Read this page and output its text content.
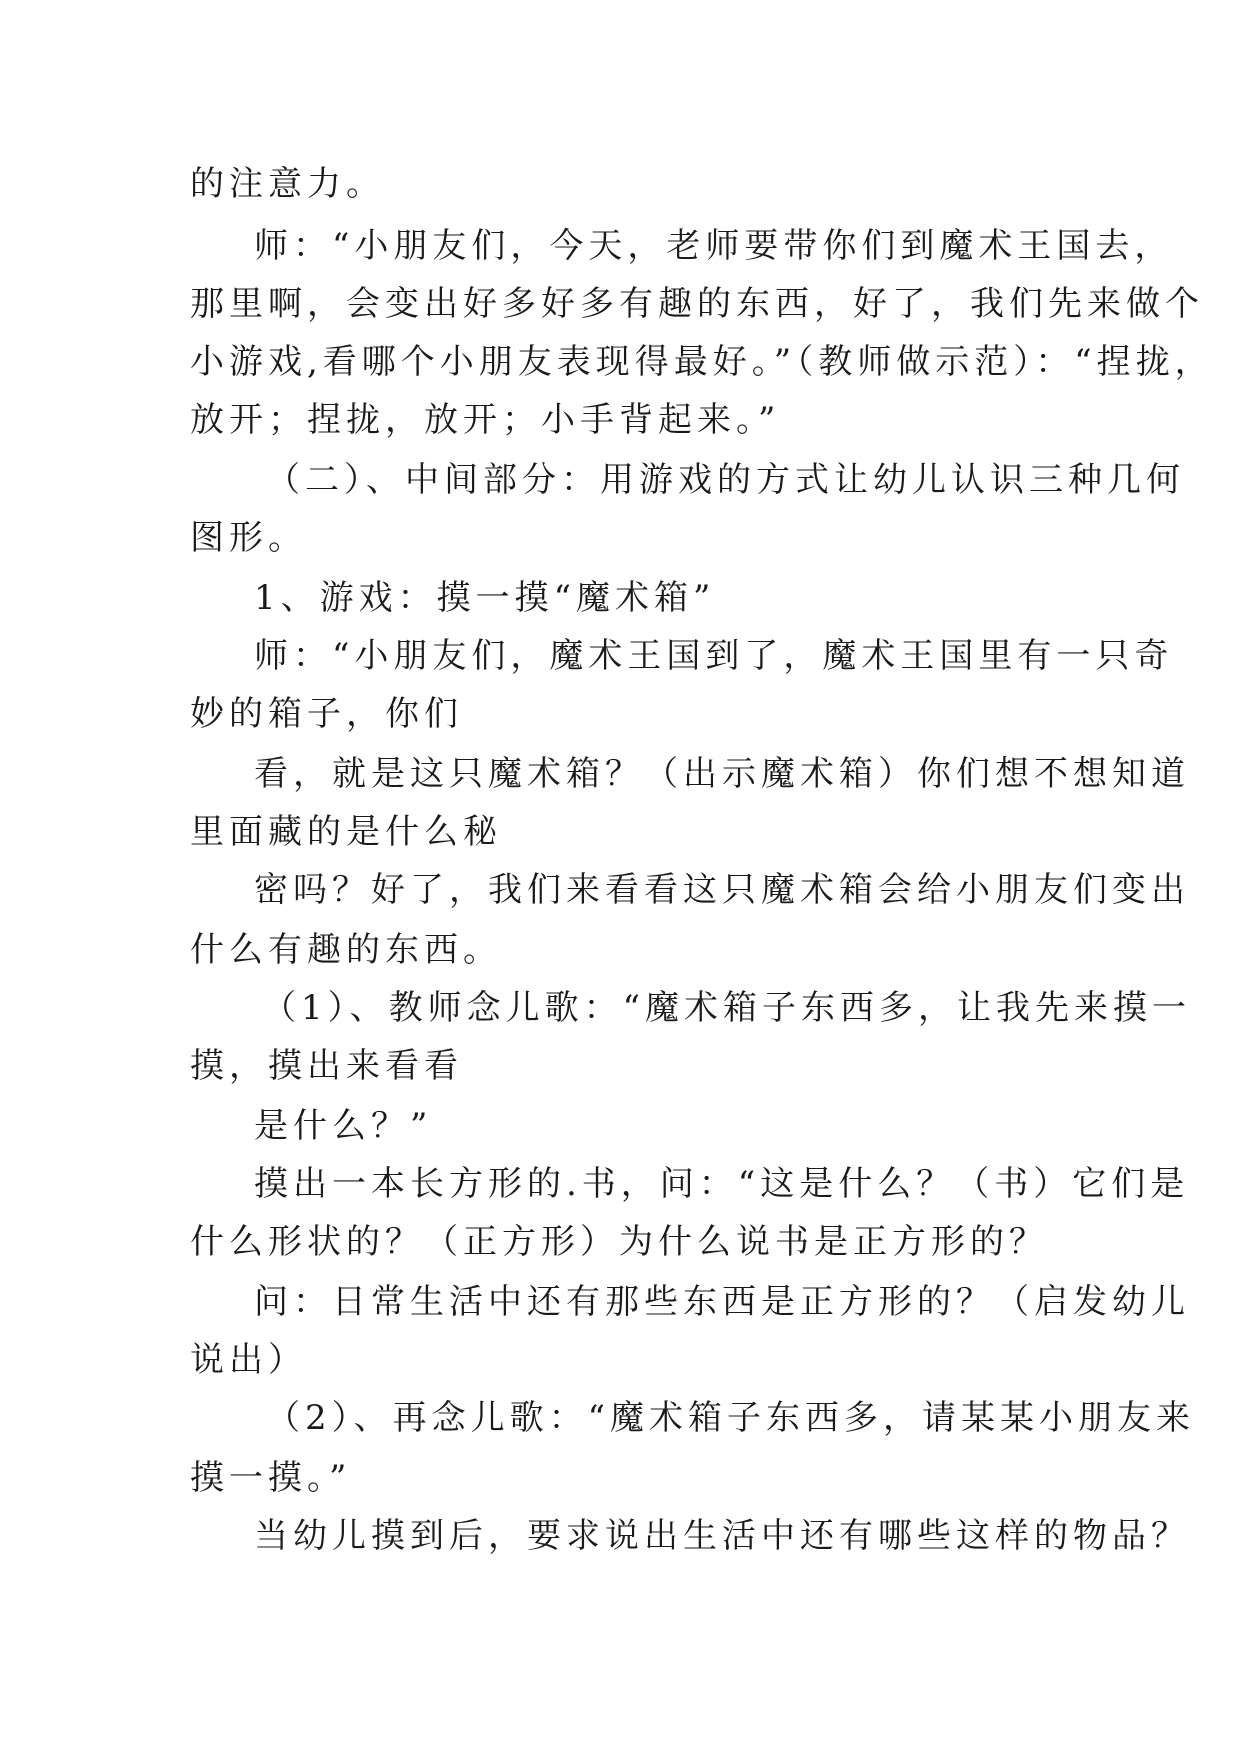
的注意力。

师：“小朋友们，今天，老师要带你们到魔术王国去，

那里啊，会变出好多好多有趣的东西，好了，我们先来做个

小游戏,看哪个小朋友表现得最好。”（教师做示范）：“捏拢，

放开；捏拢，放开；小手背起来。”

（二）、中间部分：用游戏的方式让幼儿认识三种几何

图形。

1、游戏：摸一摸“魔术箱”

师：“小朋友们，魔术王国到了，魔术王国里有一只奇

妙的箱子，你们

看，就是这只魔术箱？（出示魔术箱）你们想不想知道

里面藏的是什么秘

密吗？好了，我们来看看这只魔术箱会给小朋友们变出

什么有趣的东西。

（1）、教师念儿歌：“魔术箱子东西多，让我先来摸一

摸，摸出来看看

是什么？”

摸出一本长方形的.书，问：“这是什么？（书）它们是

什么形状的？（正方形）为什么说书是正方形的？

问：日常生活中还有那些东西是正方形的？（启发幼儿

说出）

（2）、再念儿歌：“魔术箱子东西多，请某某小朋友来

摸一摸。”

当幼儿摸到后，要求说出生活中还有哪些这样的物品？
